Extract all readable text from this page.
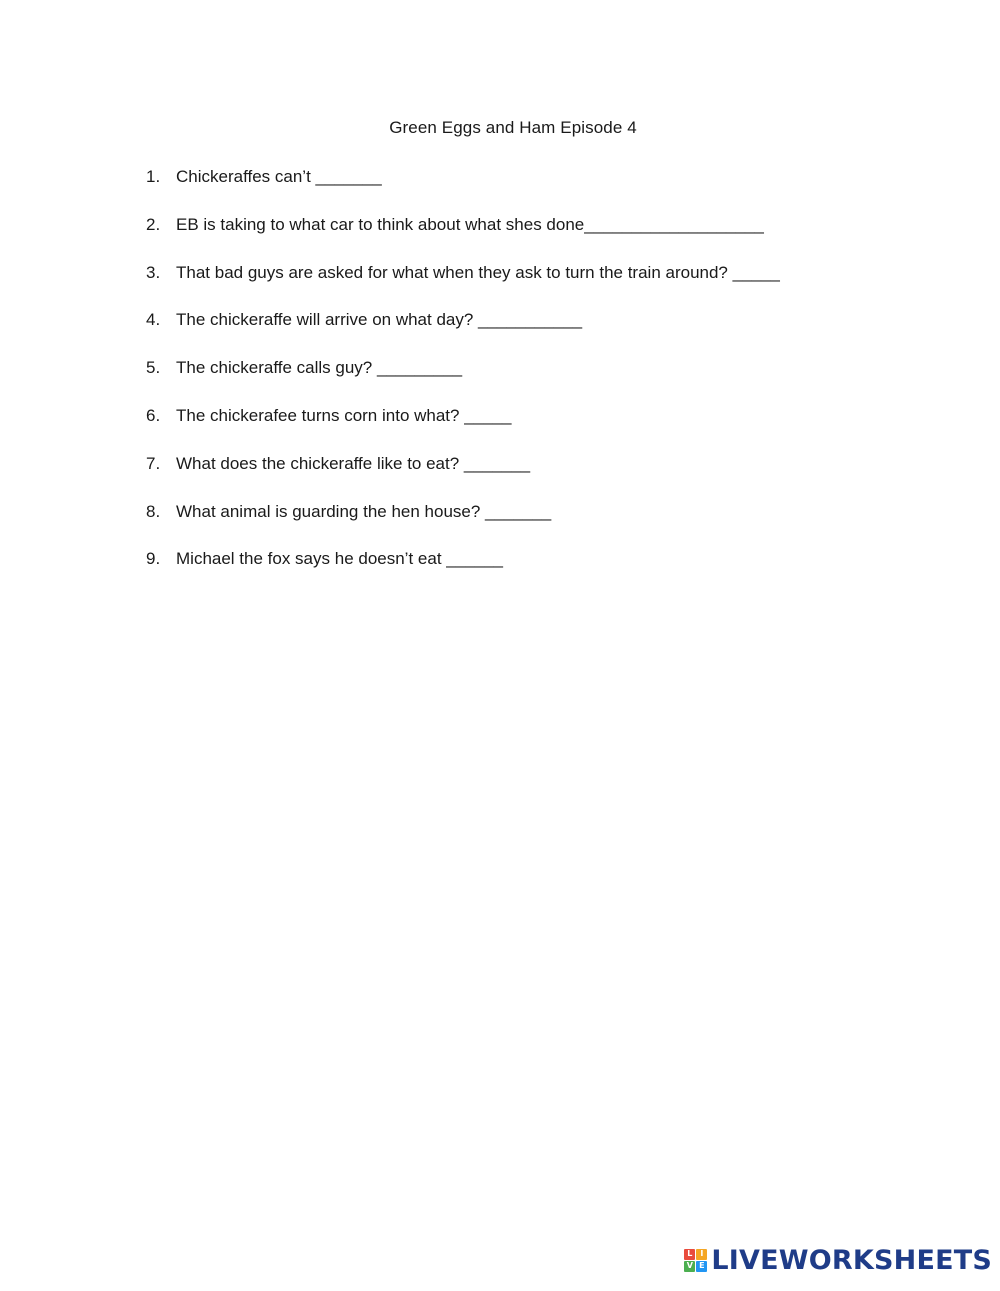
Green Eggs and Ham Episode 4
1. Chickeraffes can’t _______
2. EB is taking to what car to think about what shes done___________________
3. That bad guys are asked for what when they ask to turn the train around? _____
4. The chickeraffe will arrive on what day? ___________
5. The chickeraffe calls guy? _________
6. The chickerafee turns corn into what? _____
7. What does the chickeraffe like to eat? _______
8. What animal is guarding the hen house? _______
9. Michael the fox says he doesn’t eat ______
L I
V E LIVEWORKSHEETS
